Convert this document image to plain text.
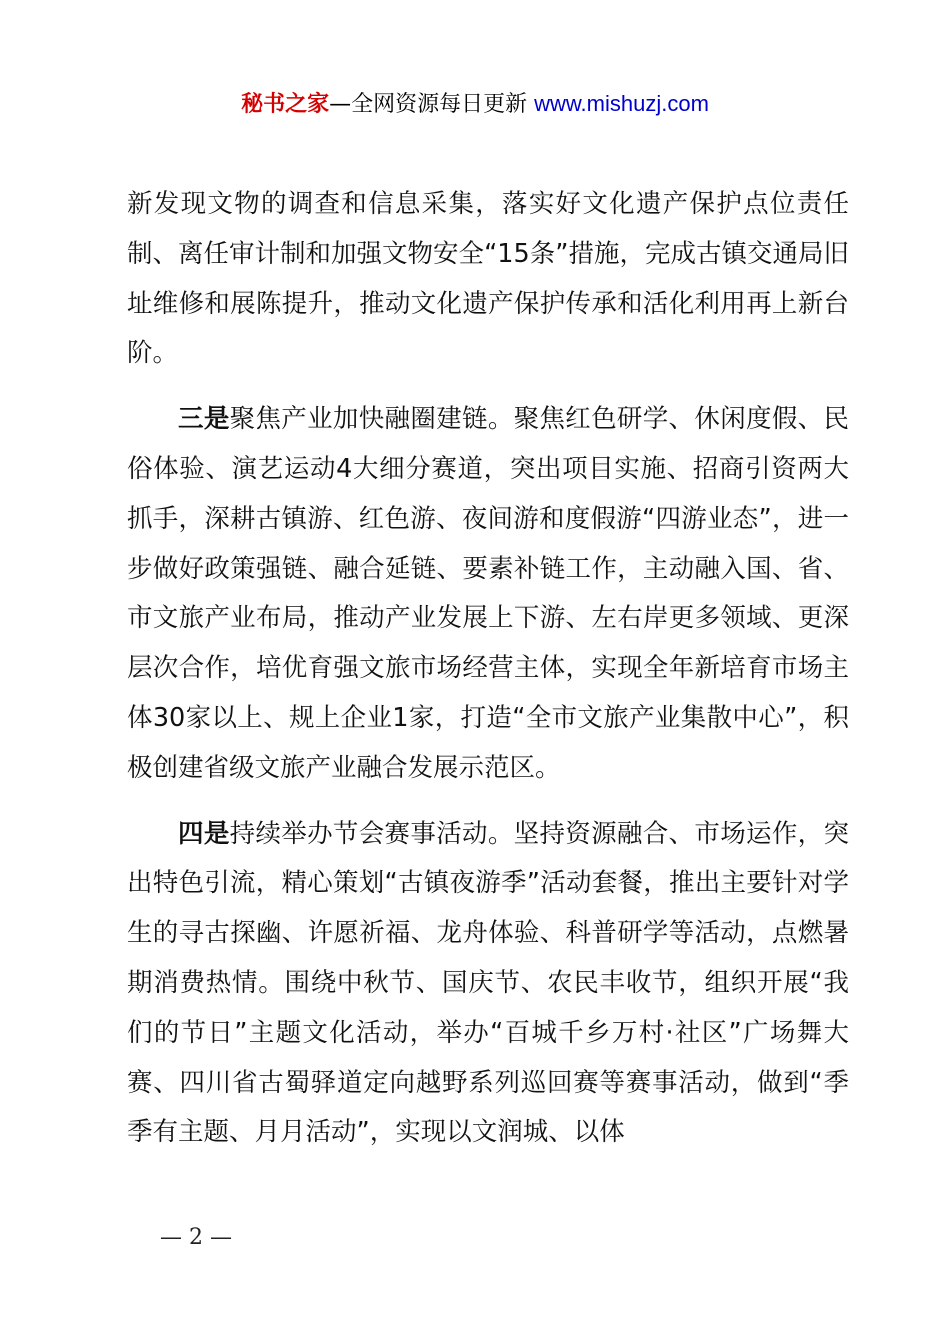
秘书之家—全网资源每日更新 www.mishuzj.com

新发现文物的调查和信息采集，落实好文化遗产保护点位责任制、离任审计制和加强文物安全“15条”措施，完成古镇交通局旧址维修和展陈提升，推动文化遗产保护传承和活化利用再上新台阶。

三是聚焦产业加快融圈建链。聚焦红色研学、休闲度假、民俗体验、演艺运动4大细分赛道，突出项目实施、招商引资两大抓手，深耕古镇游、红色游、夜间游和度假游“四游业态”，进一步做好政策强链、融合延链、要素补链工作，主动融入国、省、市文旅产业布局，推动产业发展上下游、左右岸更多领域、更深层次合作，培优育强文旅市场经营主体，实现全年新培育市场主体30家以上、规上企业1家，打造“全市文旅产业集散中心”，积极创建省级文旅产业融合发展示范区。

四是持续举办节会赛事活动。坚持资源融合、市场运作，突出特色引流，精心策划“古镇夜游季”活动套餐，推出主要针对学生的寻古探幽、许愿祈福、龙舟体验、科普研学等活动，点燃暑期消费热情。围绕中秋节、国庆节、农民丰收节，组织开展“我们的节日”主题文化活动，举办“百城千乡万村·社区”广场舞大赛、四川省古蜀驿道定向越野系列巡回赛等赛事活动，做到“季季有主题、月月活动”，实现以文润城、以体

— 2 —
